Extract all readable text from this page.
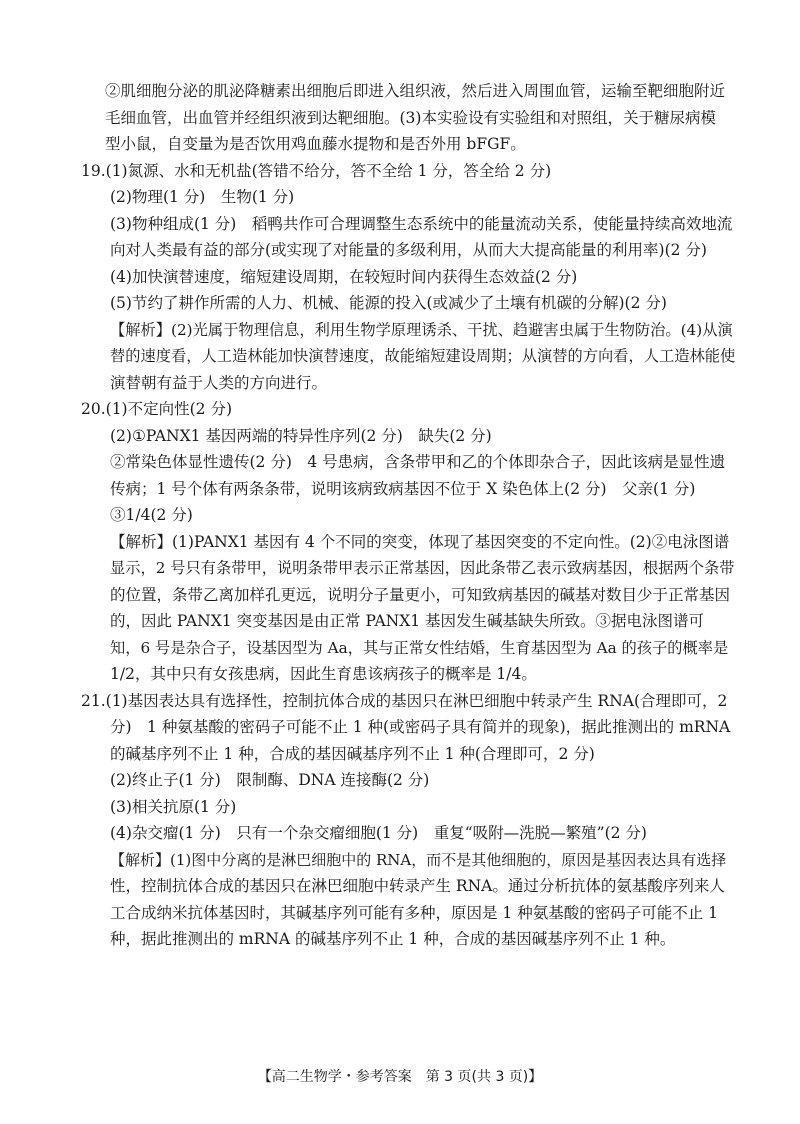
②肌细胞分泌的肌泌降糖素出细胞后即进入组织液，然后进入周围血管，运输至靶细胞附近
毛细血管，出血管并经组织液到达靶细胞。(3)本实验设有实验组和对照组，关于糖尿病模
型小鼠，自变量为是否饮用鸡血藤水提物和是否外用 bFGF。
19.(1)氮源、水和无机盐(答错不给分，答不全给 1 分，答全给 2 分)
(2)物理(1 分)　生物(1 分)
(3)物种组成(1 分)　稻鸭共作可合理调整生态系统中的能量流动关系，使能量持续高效地流
向对人类最有益的部分(或实现了对能量的多级利用，从而大大提高能量的利用率)(2 分)
(4)加快演替速度，缩短建设周期，在较短时间内获得生态效益(2 分)
(5)节约了耕作所需的人力、机械、能源的投入(或减少了土壤有机碳的分解)(2 分)
【解析】(2)光属于物理信息，利用生物学原理诱杀、干扰、趋避害虫属于生物防治。(4)从演
替的速度看，人工造林能加快演替速度，故能缩短建设周期；从演替的方向看，人工造林能使
演替朝有益于人类的方向进行。
20.(1)不定向性(2 分)
(2)①PANX1 基因两端的特异性序列(2 分)　缺失(2 分)
②常染色体显性遗传(2 分)　4 号患病，含条带甲和乙的个体即杂合子，因此该病是显性遗
传病；1 号个体有两条条带，说明该病致病基因不位于 X 染色体上(2 分)　父亲(1 分)
③1/4(2 分)
【解析】(1)PANX1 基因有 4 个不同的突变，体现了基因突变的不定向性。(2)②电泳图谱
显示，2 号只有条带甲，说明条带甲表示正常基因，因此条带乙表示致病基因，根据两个条带
的位置，条带乙离加样孔更远，说明分子量更小，可知致病基因的碱基对数目少于正常基因
的，因此 PANX1 突变基因是由正常 PANX1 基因发生碱基缺失所致。③据电泳图谱可
知，6 号是杂合子，设基因型为 Aa，其与正常女性结婚，生育基因型为 Aa 的孩子的概率是
1/2，其中只有女孩患病，因此生育患该病孩子的概率是 1/4。
21.(1)基因表达具有选择性，控制抗体合成的基因只在淋巴细胞中转录产生 RNA(合理即可，2
分)　1 种氨基酸的密码子可能不止 1 种(或密码子具有简并的现象)，据此推测出的 mRNA
的碱基序列不止 1 种，合成的基因碱基序列不止 1 种(合理即可，2 分)
(2)终止子(1 分)　限制酶、DNA 连接酶(2 分)
(3)相关抗原(1 分)
(4)杂交瘤(1 分)　只有一个杂交瘤细胞(1 分)　重复“吸附—洗脱—繁殖”(2 分)
【解析】(1)图中分离的是淋巴细胞中的 RNA，而不是其他细胞的，原因是基因表达具有选择
性，控制抗体合成的基因只在淋巴细胞中转录产生 RNA。通过分析抗体的氨基酸序列来人
工合成纳米抗体基因时，其碱基序列可能有多种，原因是 1 种氨基酸的密码子可能不止 1
种，据此推测出的 mRNA 的碱基序列不止 1 种，合成的基因碱基序列不止 1 种。
【高二生物学・参考答案　第 3 页(共 3 页)】
